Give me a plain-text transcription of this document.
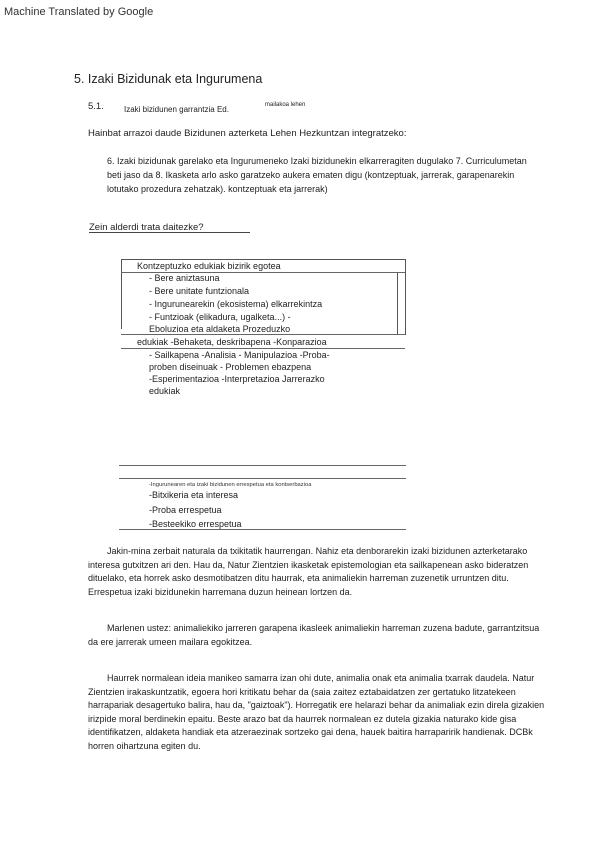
Machine Translated by Google
5. Izaki Bizidunak eta Ingurumena
5.1.	Izaki bizidunen garrantzia Ed.	mailakoa lehen
Hainbat arrazoi daude Bizidunen azterketa Lehen Hezkuntzan integratzeko:
6. Izaki bizidunak garelako eta Ingurumeneko Izaki bizidunekin elkarreragiten dugulako 7. Curriculumetan beti jaso da 8. Ikasketa arlo asko garatzeko aukera ematen digu (kontzeptuak, jarrerak, garapenarekin lotutako prozedura zehatzak). kontzeptuak eta jarrerak)
Zein alderdi trata daitezke?
Kontzeptuzko edukiak bizirik egotea
- Bere aniztasuna
- Bere unitate funtzionala
- Ingurunearekin (ekosistema) elkarrekintza
- Funtzioak (elikadura, ugalketa...) -
Eboluzioa eta aldaketa Prozeduzko
edukiak -Behaketa, deskribapena -Konparazioa
- Sailkapena -Analisia - Manipulazioa -Proba-
proben diseinuak - Problemen ebazpena
-Esperimentazioa -Interpretazioa Jarrerazko
edukiak
-Ingurunearen eta izaki bizidunen errespetua eta kontserbazioa
-Bitxikeria eta interesa
-Proba errespetua
-Besteekiko errespetua
Jakin-mina zerbait naturala da txikitatik haurrengan. Nahiz eta denborarekin izaki bizidunen azterketarako interesa gutxitzen ari den. Hau da, Natur Zientzien ikasketak epistemologian eta sailkapenean asko bideratzen dituelako, eta horrek asko desmotibatzen ditu haurrak, eta animaliekin harreman zuzenetik urruntzen ditu. Errespetua izaki bizidunekin harremana duzun heinean lortzen da.
Marlenen ustez: animaliekiko jarreren garapena ikasleek animaliekin harreman zuzena badute, garrantzitsua da ere jarrerak umeen mailara egokitzea.
Haurrek normalean ideia manikeo samarra izan ohi dute, animalia onak eta animalia txarrak daudela. Natur Zientzien irakaskuntzatik, egoera hori kritikatu behar da (saia zaitez eztabaidatzen zer gertatuko litzatekeen harrapariak desagertuko balira, hau da, "gaiztoak"). Horregatik ere helarazi behar da animaliak ezin direla gizakien irizpide moral berdinekin epaitu. Beste arazo bat da haurrek normalean ez dutela gizakia naturako kide gisa identifikatzen, aldaketa handiak eta atzeraezinak sortzeko gai dena, hauek baitira harraparirik handienak. DCBk horren oihartzuna egiten du.
